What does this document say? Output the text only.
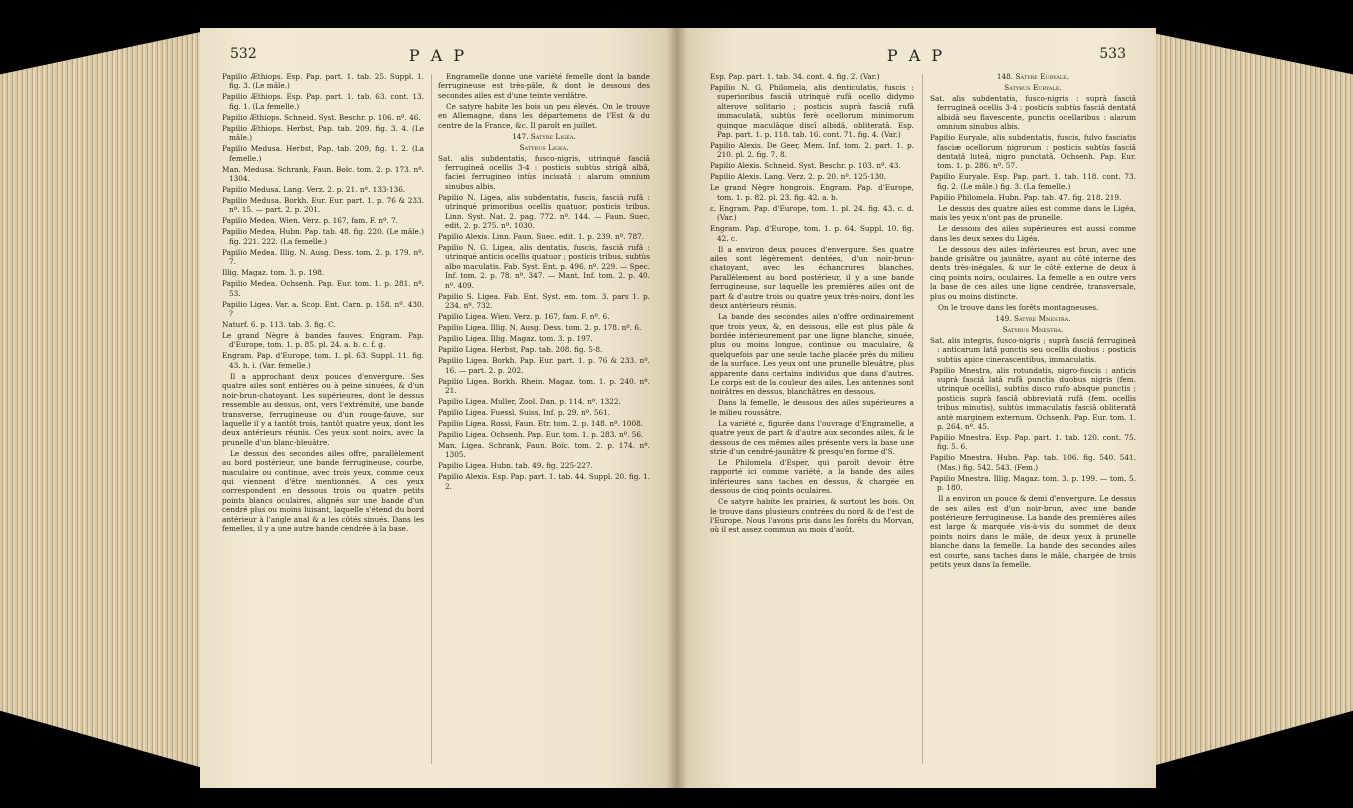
532	P A P

Papilio Æthiops. Esp. Pap. part. 1. tab. 25. Suppl. 1. fig. 3. (Le mâle.)

Papilio Æthiops. Esp. Pap. part. 1. tab. 63. cont. 13. fig. 1. (La femelle.)

Papilio Æthiops. Schneid. Syst. Beschr. p. 106. nº. 46.

Papilio Æthiops. Herbst, Pap. tab. 209. fig. 3. 4. (Le mâle.)

Papilio Medusa. Herbst, Pap. tab. 209, fig. 1. 2. (La femelle.)

Man. Medusa. Schrank, Faun. Boïc. tom. 2. p. 173. nº. 1304.

Papilio Medusa. Lang. Verz. 2. p. 21. nº. 133-136.

Papilio Medusa. Borkh. Eur. Eur. part. 1. p. 76 & 233. nº. 15. — part. 2. p. 201.

Papilio Medea. Wien. Verz. p. 167, fam. F. nº. 7.

Papilio Medea. Hubn. Pap. tab. 48. fig. 220. (Le mâle.) fig. 221. 222. (La femelle.)

Papilio Medea. Illig. N. Ausg. Dess. tom. 2. p. 179. nº. 7.

Illig. Magaz. tom. 3. p. 198.

Papilio Medea. Ochsenh. Pap. Eur. tom. 1. p. 281. nº. 53.

Papilio Ligea. Var. a. Scop. Ent. Carn. p. 158. nº. 430. ?

Naturf. 6. p. 113. tab. 3. fig. C.

Le grand Nègre à bandes fauves. Engram. Pap. d'Europe, tom. 1. p. 85. pl. 24. a. b. c. f. g.

Engram. Pap. d'Europe, tom. 1. pl. 63. Suppl. 11. fig. 43. h. i. (Var. femelle.)

Il a approchant deux pouces d'envergure. Ses quatre ailes sont entières ou à peine sinuées, & d'un noir-brun-chatoyant. Les supérieures, dont le dessus ressemble au dessus, ont, vers l'extrémité, une bande transverse, ferrugineuse ou d'un rouge-fauve, sur laquelle il y a tantôt trois, tantôt quatre yeux, dont les deux antérieurs réunis. Ces yeux sont noirs, avec la prunelle d'un blanc-bleuâtre.

Le dessus des secondes ailes offre, parallèlement au bord postérieur, une bande ferrugineuse, courbe, maculaire ou continue, avec trois yeux, comme ceux qui viennent d'être mentionnés. A ces yeux correspondent en dessous trois ou quatre petits points blancs oculaires, alignés sur une bande d'un cendré plus ou moins luisant, laquelle s'étend du bord antérieur à l'angle anal & a les côtés sinués. Dans les femelles, il y a une autre bande cendrée à la base.

Engramelle donne une variété femelle dont la bande ferrugineuse est très-pâle, & dont le dessous des secondes ailes est d'une teinte verdâtre.

Ce satyre habite les bois un peu élevés. On le trouve en Allemagne, dans les départemens de l'Est & du centre de la France, &c. Il paroît en juillet.

147. Satyre Ligéa.

Satyrus Ligea.

Sat. alis subdentatis, fusco-nigris, utrinquè fasciâ ferrugineâ ocellis 3-4 : posticis subtùs strigâ albâ, faciei ferrugineo intùs incisatâ : alarum omnium sinubus albis.

Papilio N. Ligea, alis subdentatis, fuscis, fasciâ rufâ : utrinquè primoribus ocellis quatuor, posticis tribus. Linn. Syst. Nat. 2. pag. 772. nº. 144. — Faun. Suec. edit. 2. p. 275. nº. 1030.

Papilio Alexis. Linn. Faun. Suec. edit. 1. p. 239. nº. 787.

Papilio N. G. Ligea, alis dentatis, fuscis, fasciâ rufâ : utrinquè anticis ocellis quatuor ; posticis tribus, subtùs albo maculatis. Fab. Syst. Ent. p. 496. nº. 229. — Spec. Inf. tom. 2. p. 78. nº. 347. — Mant. Inf. tom. 2. p. 40. nº. 409.

Papilio S. Ligea. Fab. Ent. Syst. em. tom. 3. pars 1. p. 234. nº. 732.

Papilio Ligea. Wien. Verz. p. 167, fam. F. nº. 6.

Papilio Ligea. Illig. N. Ausg. Dess. tom. 2. p. 178. nº. 6.

Papilio Ligea. Illig. Magaz. tom. 3. p. 197.

Papilio Ligea. Herbst, Pap. tab. 208. fig. 5-8.

Papilio Ligea. Borkh. Pap. Eur. part. 1. p. 76 & 233. nº. 16. — part. 2. p. 202.

Papilio Ligea. Borkh. Rhein. Magaz. tom. 1. p. 240. nº. 21.

Papilio Ligea. Muller, Zool. Dan. p. 114. nº. 1322.

Papilio Ligea. Fuessl. Suiss. Inf. p. 29. nº. 561.

Papilio Ligea. Rossi, Faun. Etr. tom. 2. p. 148. nº. 1008.

Papilio Ligea. Ochsenh. Pap. Eur. tom. 1. p. 283. nº. 56.

Man. Ligea. Schrank, Faun. Boïc. tom. 2. p. 174. nº. 1305.

Papilio Ligea. Hubn. tab. 49. fig. 225-227.

Papilio Alexis. Esp. Pap. part. 1. tab. 44. Suppl. 20. fig. 1. 2.

P A P	533

Esp. Pap. part. 1. tab. 34. cont. 4. fig. 2. (Var.)

Papilio N. G. Philomela, alis denticulatis, fuscis : superioribus fasciâ utrinquè rufâ ocello didymo alterove solitario ; posticis suprà fasciâ rufâ immaculatâ, subtùs ferè ocellorum minimorum quinque maculâque discî albidâ, obliteratâ. Esp. Pap. part. 1. p. 118. tab. 16. cont. 71. fig. 4. (Var.)

Papilio Alexis. De Geer, Mem. Inf. tom. 2. part. 1. p. 210. pl. 2. fig. 7. 8.

Papilio Alexis. Schneid. Syst. Beschr. p. 103. nº. 43.

Papilio Alexis. Lang. Verz. 2. p. 20. nº. 125-130.

Le grand Nègre hongrois. Engram. Pap. d'Europe, tom. 1. p. 82. pl. 23. fig. 42. a. b.

ε. Engram. Pap. d'Europe, tom. 1. pl. 24. fig. 43. c. d. (Var.)

Engram. Pap. d'Europe, tom. 1. p. 64. Suppl. 10. fig. 42. c.

Il a environ deux pouces d'envergure. Ses quatre ailes sont légèrement dentées, d'un noir-brun-chatoyant, avec les échancrures blanches. Parallèlement au bord postérieur, il y a une bande ferrugineuse, sur laquelle les premières ailes ont de part & d'autre trois ou quatre yeux très-noirs, dont les deux antérieurs réunis.

La bande des secondes ailes n'offre ordinairement que trois yeux, &, en dessous, elle est plus pâle & bordée intérieurement par une ligne blanche, sinuée, plus ou moins longue, continue ou maculaire, & quelquefois par une seule tache placée près du milieu de la surface. Les yeux ont une prunelle bleuâtre, plus apparente dans certains individus que dans d'autres. Le corps est de la couleur des ailes. Les antennes sont noirâtres en dessus, blanchâtres en dessous.

Dans la femelle, le dessous des ailes supérieures a le milieu roussâtre.

La variété ε, figurée dans l'ouvrage d'Engramelle, a quatre yeux de part & d'autre aux secondes ailes, & le dessous de ces mêmes ailes présente vers la base une strie d'un cendré-jaunâtre & presqu'en forme d'S.

Le Philomela d'Esper, qui paroît devoir être rapporté ici comme variété, a la bande des ailes inférieures sans taches en dessus, & chargée en dessous de cinq points oculaires.

Ce satyre habite les prairies, & surtout les bois. On le trouve dans plusieurs contrées du nord & de l'est de l'Europe. Nous l'avons pris dans les forêts du Morvan, où il est assez commun au mois d'août.

148. Satyre Euryale.

Satyrus Euryale.

Sat. alis subdentatis, fusco-nigris : suprà fasciâ ferrugineâ ocellis 3-4 : posticis subtùs fasciâ dentatâ albidâ seu flavescente, punctis ocellaribus : alarum omnium sinubus albis.

Papilio Euryale, alis subdentatis, fuscis, fulvo fasciatis fasciæ ocellorum nigrorum : posticis subtùs fasciâ dentatâ luteâ, nigro punctatâ. Ochsenh. Pap. Eur. tom. 1. p. 286. nº. 57.

Papilio Euryale. Esp. Pap. part. 1. tab. 118. cont. 73. fig. 2. (Le mâle.) fig. 3. (La femelle.)

Papilio Philomela. Hubn. Pap. tab. 47. fig. 218. 219.

Le dessus des quatre ailes est comme dans le Ligéa, mais les yeux n'ont pas de prunelle.

Le dessous des ailes supérieures est aussi comme dans les deux sexes du Ligéa.

Le dessous des ailes inférieures est brun, avec une bande grisâtre ou jaunâtre, ayant au côté interne des dents très-inégales, & sur le côté externe de deux à cinq points noirs, oculaires. La femelle a en outre vers la base de ces ailes une ligne cendrée, transversale, plus ou moins distincte.

On le trouve dans les forêts montagneuses.

149. Satyre Mnestra.

Satyrus Mnestra.

Sat. alis integris, fusco-nigris ; suprà fasciâ ferrugineâ : anticarum latâ punctis seu ocellis duobus : posticis subtùs apice cinerascentibus, immaculatis.

Papilio Mnestra, alis rotundatis, nigro-fuscis : anticis suprà fasciâ latâ rufâ punctis duobus nigris (fem. utrinquè ocellis), subtùs disco rufo absque punctis ; posticis suprà fasciâ obbreviatâ rufâ (fem. ocellis tribus minutis), subtùs immaculatis fasciâ obliteratâ antè marginem externum. Ochsenh. Pap. Eur. tom. 1. p. 264. nº. 45.

Papilio Mnestra. Esp. Pap. part. 1. tab. 120. cont. 75. fig. 5. 6.

Papilio Mnestra. Hubn. Pap. tab. 106. fig. 540. 541. (Mas.) fig. 542. 543. (Fem.)

Papilio Mnestra. Illig. Magaz. tom. 3. p. 199. — tom. 5. p. 180.

Il a environ un pouce & demi d'envergure. Le dessus de ses ailes est d'un noir-brun, avec une bande postérieure ferrugineuse. La bande des premières ailes est large & marquée vis-à-vis du sommet de deux points noirs dans le mâle, de deux yeux à prunelle blanche dans la femelle. La bande des secondes ailes est courte, sans taches dans le mâle, chargée de trois petits yeux dans la femelle.
